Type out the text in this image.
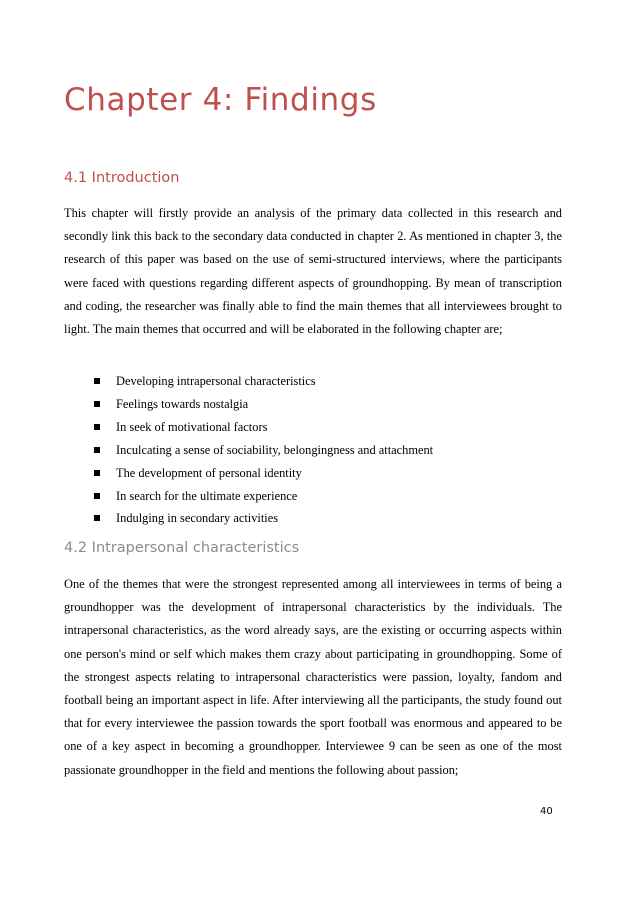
Chapter 4: Findings
4.1 Introduction

This chapter will firstly provide an analysis of the primary data collected in this research and secondly link this back to the secondary data conducted in chapter 2. As mentioned in chapter 3, the research of this paper was based on the use of semi-structured interviews, where the participants were faced with questions regarding different aspects of groundhopping. By mean of transcription and coding, the researcher was finally able to find the main themes that all interviewees brought to light. The main themes that occurred and will be elaborated in the following chapter are;

Developing intrapersonal characteristics
Feelings towards nostalgia
In seek of motivational factors
Inculcating a sense of sociability, belongingness and attachment
The development of personal identity
In search for the ultimate experience
Indulging in secondary activities
4.2 Intrapersonal characteristics

One of the themes that were the strongest represented among all interviewees in terms of being a groundhopper was the development of intrapersonal characteristics by the individuals. The intrapersonal characteristics, as the word already says, are the existing or occurring aspects within one person's mind or self which makes them crazy about participating in groundhopping. Some of the strongest aspects relating to intrapersonal characteristics were passion, loyalty, fandom and football being an important aspect in life. After interviewing all the participants, the study found out that for every interviewee the passion towards the sport football was enormous and appeared to be one of a key aspect in becoming a groundhopper. Interviewee 9 can be seen as one of the most passionate groundhopper in the field and mentions the following about passion;

40
